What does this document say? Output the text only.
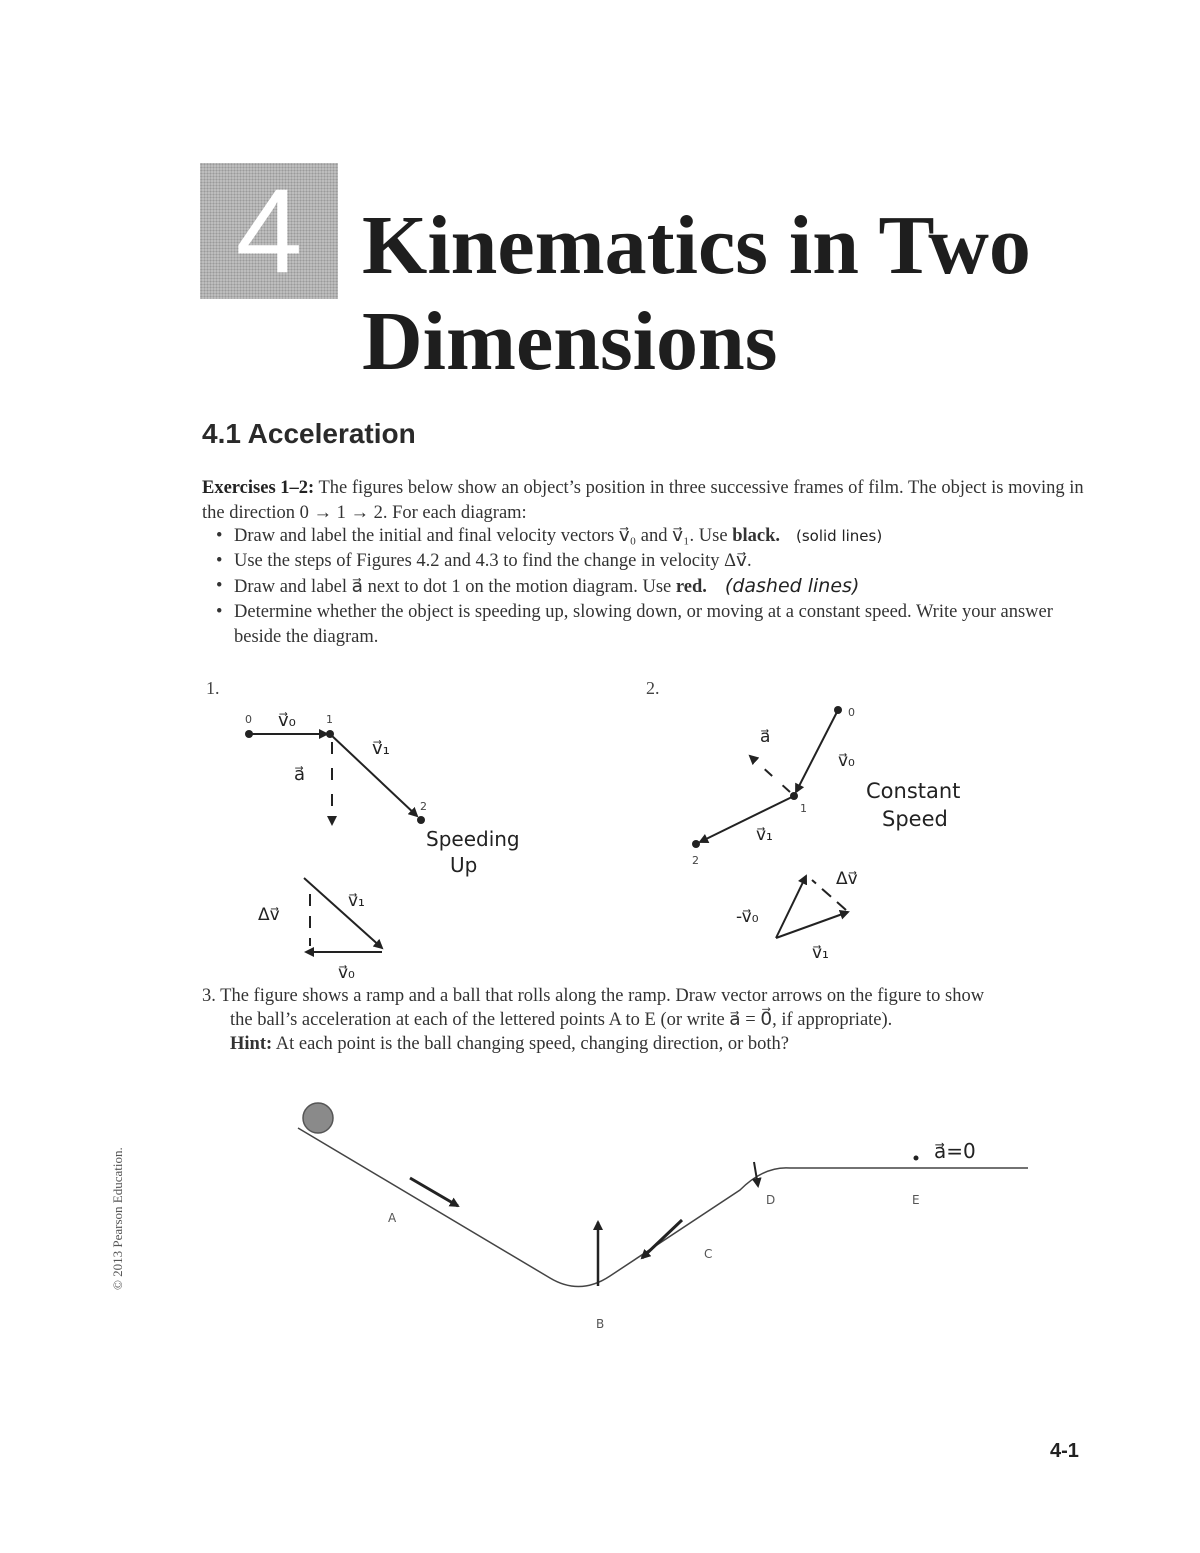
4 Kinematics in Two
Dimensions
4.1 Acceleration

Exercises 1–2: The figures below show an object’s position in three successive frames of film. The object is moving in the direction 0 → 1 → 2. For each diagram:

• Draw and label the initial and final velocity vectors v⃗₀ and v⃗₁. Use black. (solid lines)
• Use the steps of Figures 4.2 and 4.3 to find the change in velocity Δv⃗.
• Draw and label a⃗ next to dot 1 on the motion diagram. Use red. (dashed lines)
• Determine whether the object is speeding up, slowing down, or moving at a constant speed. Write your answer beside the diagram.
1.
0	1
2
v⃗₀
v⃗₁
a⃗
Speeding
Up
Δv⃗
v⃗₁
v⃗₀
2.
0
1
2
a⃗
v⃗₀
v⃗₁
Constant
Speed
Δv⃗
-v⃗₀
v⃗₁

3. The figure shows a ramp and a ball that rolls along the ramp. Draw vector arrows on the figure to show
the ball’s acceleration at each of the lettered points A to E (or write a⃗ = 0⃗, if appropriate).
Hint: At each point is the ball changing speed, changing direction, or both?

A
B
C
D	E
a⃗=0
© 2013 Pearson Education.
4-1
